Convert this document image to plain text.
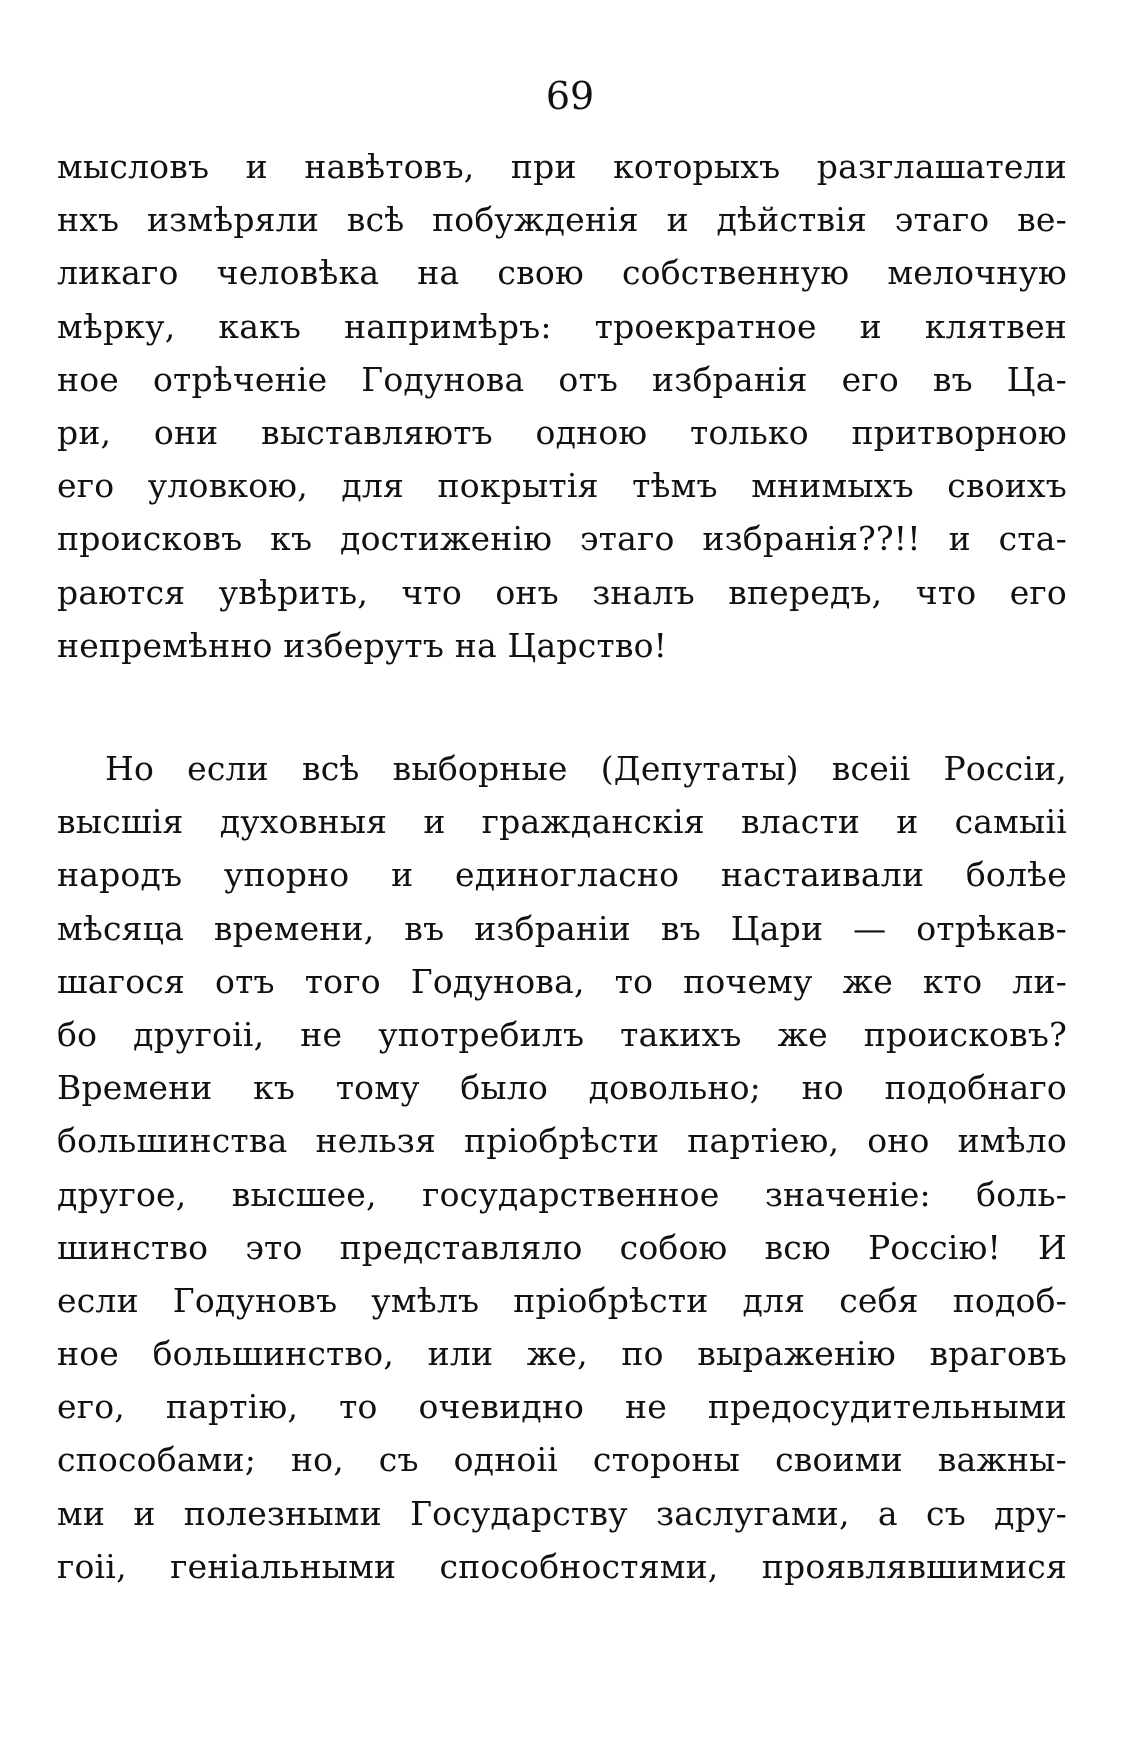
69
мысловъ и навѣтовъ, при которыхъ разглашатели
нхъ измѣряли всѣ побужденія и дѣйствія этаго ве-
ликаго человѣка на свою собственную мелочную
мѣрку, какъ напримѣръ: троекратное и клятвен
ное отрѣченіе Годунова отъ избранія его въ Ца-
ри, они выставляютъ одною только притворною
его уловкою, для покрытія тѣмъ мнимыхъ своихъ
происковъ къ достиженію этаго избранія??!! и ста-
раются увѣрить, что онъ зналъ впередъ, что его
непремѣнно изберутъ на Царство!
Но если всѣ выборные (Депутаты) всеiі Россіи,
высшія духовныя и гражданскія власти и самыiі
народъ упорно и единогласно настаивали болѣе
мѣсяца времени, въ избраніи въ Цари — отрѣкав-
шагося отъ того Годунова, то почему же кто ли-
бо другоiі, не употребилъ такихъ же происковъ?
Времени къ тому было довольно; но подобнаго
большинства нельзя пріобрѣсти партіею, оно имѣло
другое, высшее, государственное значеніе: боль-
шинство это представляло собою всю Россію! И
если Годуновъ умѣлъ пріобрѣсти для себя подоб-
ное большинство, или же, по выраженію враговъ
его, партію, то очевидно не предосудительными
способами; но, съ одноiі стороны своими важны-
ми и полезными Государству заслугами, а съ дру-
гоiі, геніальными способностями, проявлявшимися
